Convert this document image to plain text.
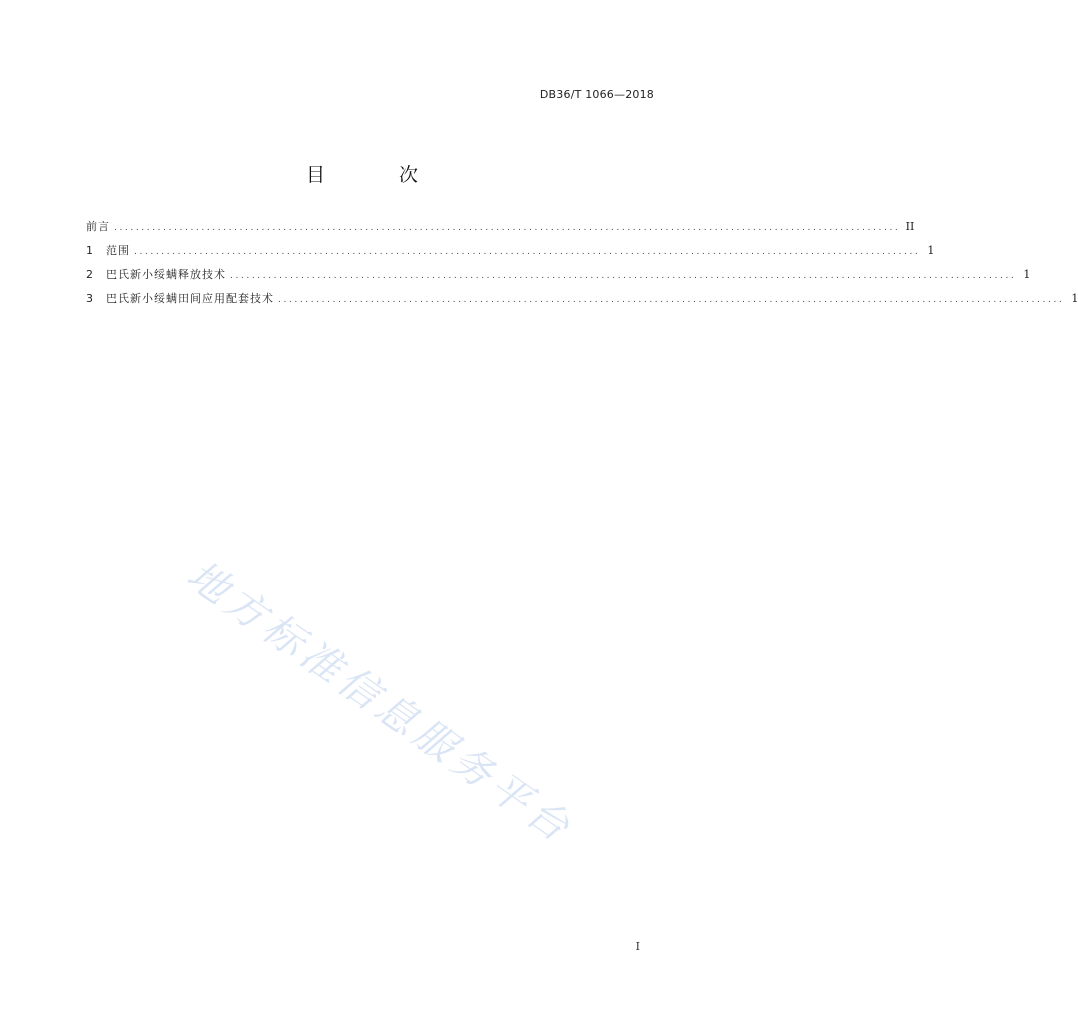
DB36/T 1066—2018
目 次
前言 ................................................................................................................................................ II
1	范围 ................................................................................................................................................ 1
2	巴氏新小绥螨释放技术 ................................................................................................................................................ 1
3	巴氏新小绥螨田间应用配套技术 ................................................................................................................................................ 1
地方标准信息服务平台
I
